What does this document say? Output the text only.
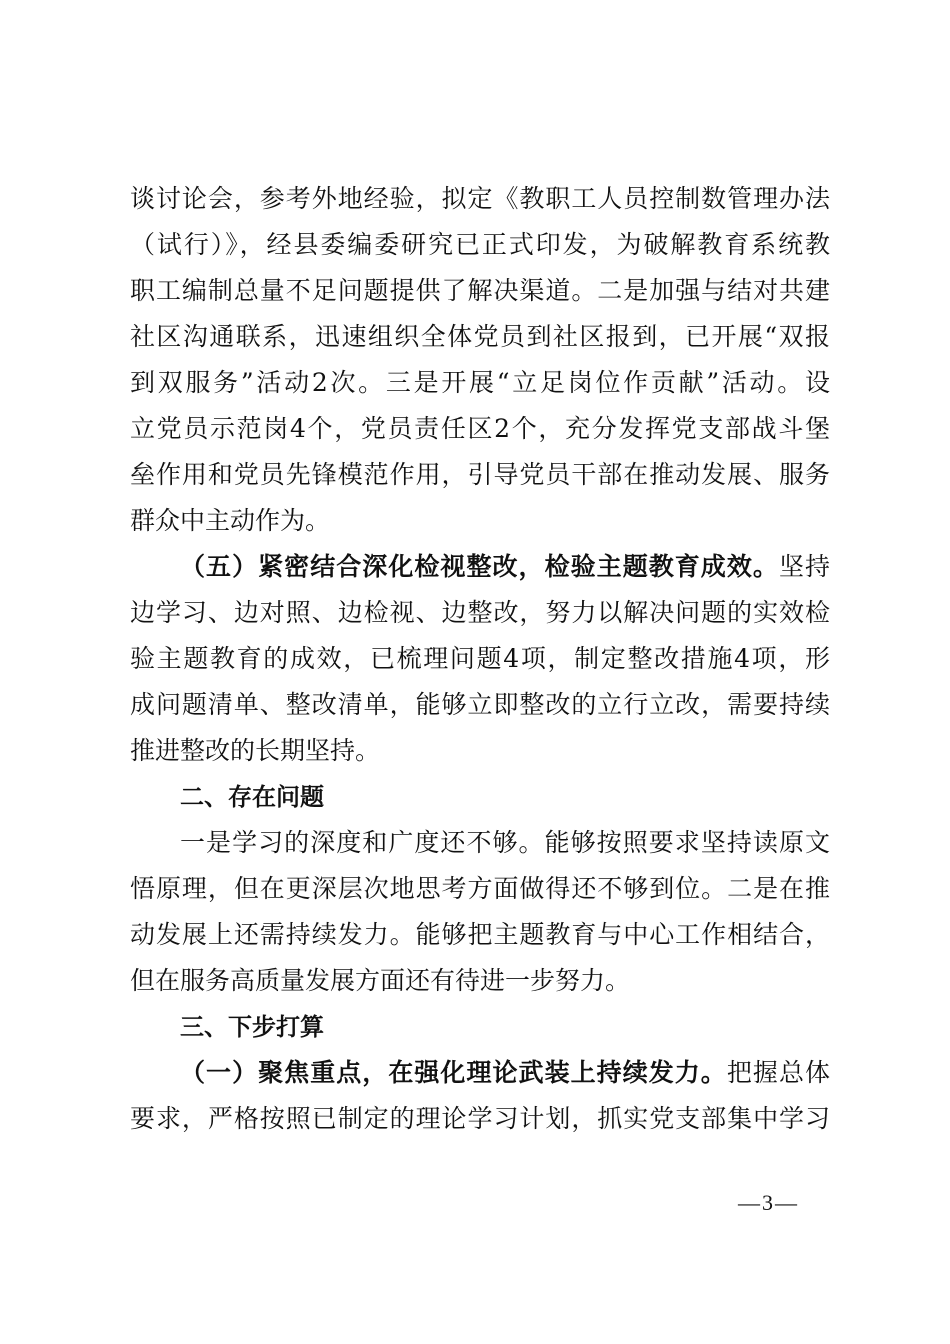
谈讨论会，参考外地经验，拟定《教职工人员控制数管理办法
（试行）》，经县委编委研究已正式印发，为破解教育系统教
职工编制总量不足问题提供了解决渠道。二是加强与结对共建
社区沟通联系，迅速组织全体党员到社区报到，已开展“双报
到双服务”活动2次。三是开展“立足岗位作贡献”活动。设
立党员示范岗4个，党员责任区2个，充分发挥党支部战斗堡
垒作用和党员先锋模范作用，引导党员干部在推动发展、服务
群众中主动作为。
（五）紧密结合深化检视整改，检验主题教育成效。坚持
边学习、边对照、边检视、边整改，努力以解决问题的实效检
验主题教育的成效，已梳理问题4项，制定整改措施4项，形
成问题清单、整改清单，能够立即整改的立行立改，需要持续
推进整改的长期坚持。
二、存在问题
一是学习的深度和广度还不够。能够按照要求坚持读原文
悟原理，但在更深层次地思考方面做得还不够到位。二是在推
动发展上还需持续发力。能够把主题教育与中心工作相结合，
但在服务高质量发展方面还有待进一步努力。
三、下步打算
（一）聚焦重点，在强化理论武装上持续发力。把握总体
要求，严格按照已制定的理论学习计划，抓实党支部集中学习
—3—
